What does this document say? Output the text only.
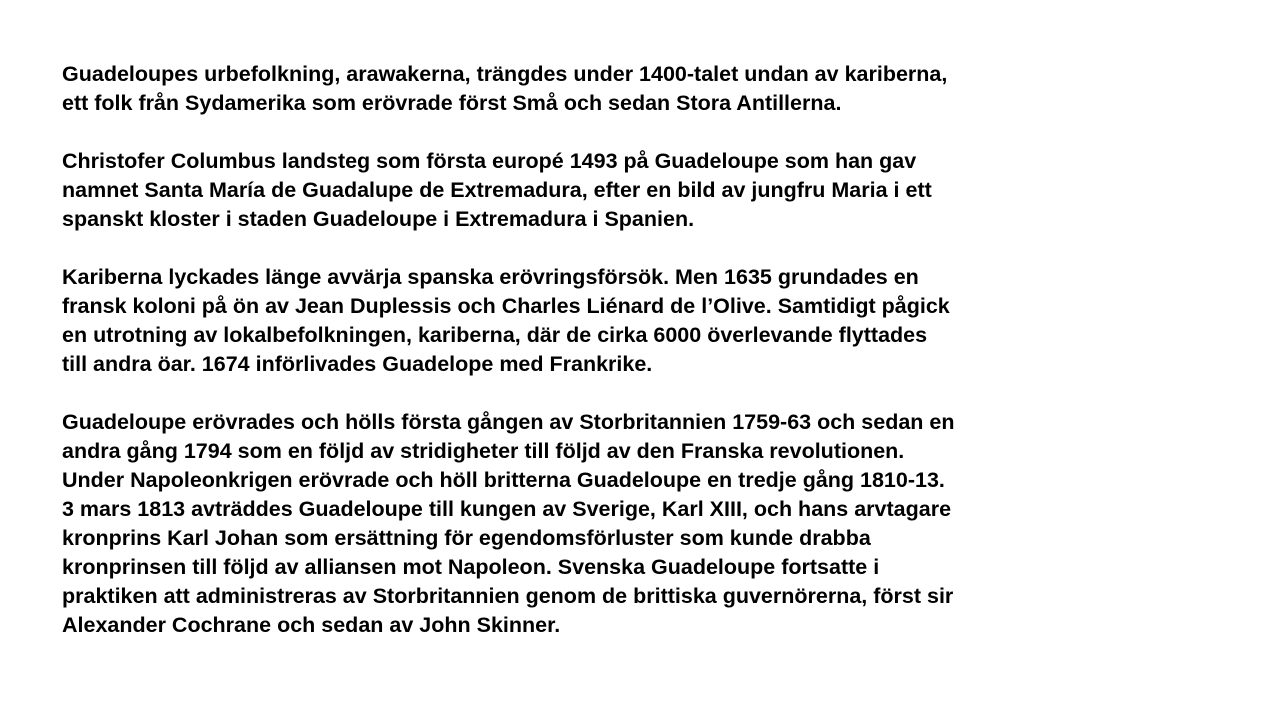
Guadeloupes urbefolkning, arawakerna, trängdes under 1400-talet undan av kariberna,
ett folk från Sydamerika som erövrade först Små och sedan Stora Antillerna.

Christofer Columbus landsteg som första europé 1493 på Guadeloupe som han gav
namnet Santa María de Guadalupe de Extremadura, efter en bild av jungfru Maria i ett
spanskt kloster i staden Guadeloupe i Extremadura i Spanien.

Kariberna lyckades länge avvärja spanska erövringsförsök. Men 1635 grundades en
fransk koloni på ön av Jean Duplessis och Charles Liénard de l’Olive. Samtidigt pågick
en utrotning av lokalbefolkningen, kariberna, där de cirka 6000 överlevande flyttades
till andra öar. 1674 införlivades Guadelope med Frankrike.

Guadeloupe erövrades och hölls första gången av Storbritannien 1759-63 och sedan en
andra gång 1794 som en följd av stridigheter till följd av den Franska revolutionen.
Under Napoleonkrigen erövrade och höll britterna Guadeloupe en tredje gång 1810-13.
3 mars 1813 avträddes Guadeloupe till kungen av Sverige, Karl XIII, och hans arvtagare
kronprins Karl Johan som ersättning för egendomsförluster som kunde drabba
kronprinsen till följd av alliansen mot Napoleon. Svenska Guadeloupe fortsatte i
praktiken att administreras av Storbritannien genom de brittiska guvernörerna, först sir
Alexander Cochrane och sedan av John Skinner.
